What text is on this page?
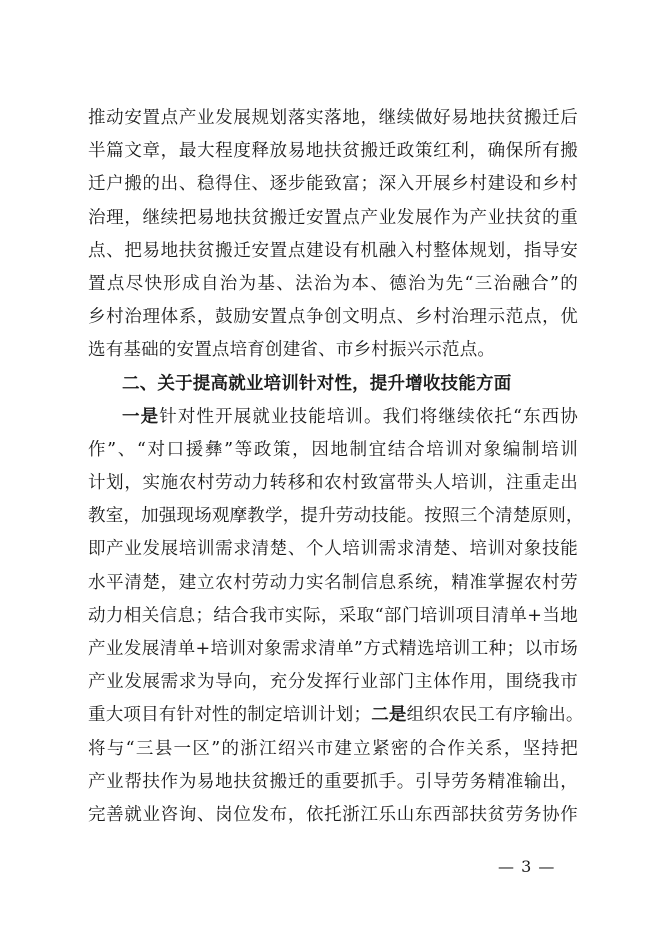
推动安置点产业发展规划落实落地，继续做好易地扶贫搬迁后
半篇文章，最大程度释放易地扶贫搬迁政策红利，确保所有搬
迁户搬的出、稳得住、逐步能致富；深入开展乡村建设和乡村
治理，继续把易地扶贫搬迁安置点产业发展作为产业扶贫的重
点、把易地扶贫搬迁安置点建设有机融入村整体规划，指导安
置点尽快形成自治为基、法治为本、德治为先“三治融合”的
乡村治理体系，鼓励安置点争创文明点、乡村治理示范点，优
选有基础的安置点培育创建省、市乡村振兴示范点。
二、关于提高就业培训针对性，提升增收技能方面
一是针对性开展就业技能培训。我们将继续依托“东西协
作”、“对口援彝”等政策，因地制宜结合培训对象编制培训
计划，实施农村劳动力转移和农村致富带头人培训，注重走出
教室，加强现场观摩教学，提升劳动技能。按照三个清楚原则，
即产业发展培训需求清楚、个人培训需求清楚、培训对象技能
水平清楚，建立农村劳动力实名制信息系统，精准掌握农村劳
动力相关信息；结合我市实际，采取“部门培训项目清单+当地
产业发展清单+培训对象需求清单”方式精选培训工种；以市场
产业发展需求为导向，充分发挥行业部门主体作用，围绕我市
重大项目有针对性的制定培训计划；二是组织农民工有序输出。
将与“三县一区”的浙江绍兴市建立紧密的合作关系，坚持把
产业帮扶作为易地扶贫搬迁的重要抓手。引导劳务精准输出，
完善就业咨询、岗位发布，依托浙江乐山东西部扶贫劳务协作
— 3 —
